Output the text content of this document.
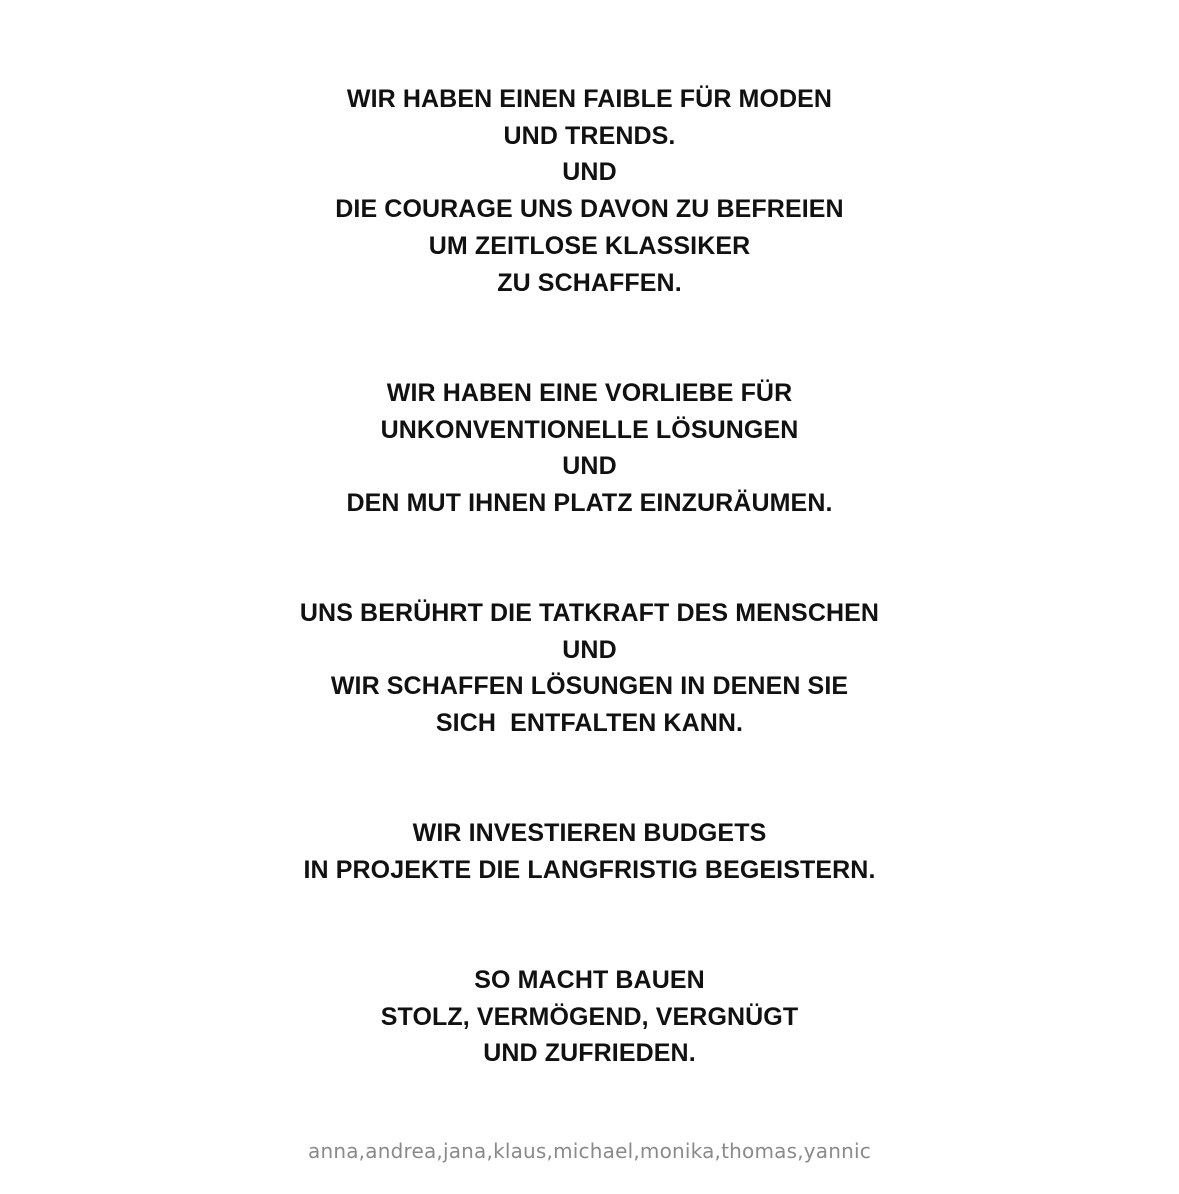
WIR HABEN EINEN FAIBLE FÜR MODEN
UND TRENDS.
UND
DIE COURAGE UNS DAVON ZU BEFREIEN
UM ZEITLOSE KLASSIKER
ZU SCHAFFEN.
WIR HABEN EINE VORLIEBE FÜR
UNKONVENTIONELLE LÖSUNGEN
UND
DEN MUT IHNEN PLATZ EINZURÄUMEN.
UNS BERÜHRT DIE TATKRAFT DES MENSCHEN
UND
WIR SCHAFFEN LÖSUNGEN IN DENEN SIE
SICH  ENTFALTEN KANN.
WIR INVESTIEREN BUDGETS
IN PROJEKTE DIE LANGFRISTIG BEGEISTERN.
SO MACHT BAUEN
STOLZ, VERMÖGEND, VERGNÜGT
UND ZUFRIEDEN.
anna,andrea,jana,klaus,michael,monika,thomas,yannic
